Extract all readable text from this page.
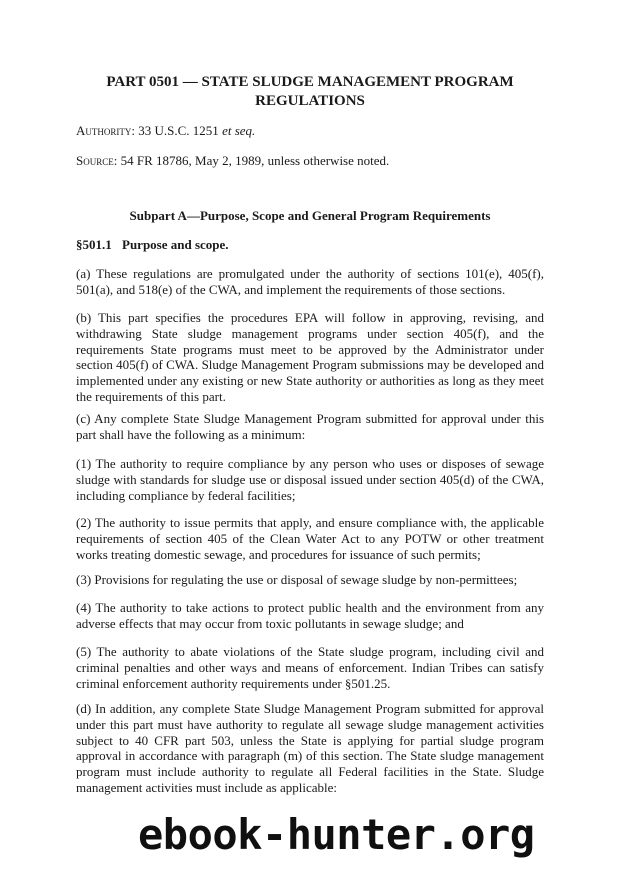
PART 0501 — STATE SLUDGE MANAGEMENT PROGRAM REGULATIONS
Authority: 33 U.S.C. 1251 et seq.
Source: 54 FR 18786, May 2, 1989, unless otherwise noted.
Subpart A—Purpose, Scope and General Program Requirements
§501.1 Purpose and scope.

(a) These regulations are promulgated under the authority of sections 101(e), 405(f), 501(a), and 518(e) of the CWA, and implement the requirements of those sections.

(b) This part specifies the procedures EPA will follow in approving, revising, and withdrawing State sludge management programs under section 405(f), and the requirements State programs must meet to be approved by the Administrator under section 405(f) of CWA. Sludge Management Program submissions may be developed and implemented under any existing or new State authority or authorities as long as they meet the requirements of this part.

(c) Any complete State Sludge Management Program submitted for approval under this part shall have the following as a minimum:

(1) The authority to require compliance by any person who uses or disposes of sewage sludge with standards for sludge use or disposal issued under section 405(d) of the CWA, including compliance by federal facilities;

(2) The authority to issue permits that apply, and ensure compliance with, the applicable requirements of section 405 of the Clean Water Act to any POTW or other treatment works treating domestic sewage, and procedures for issuance of such permits;

(3) Provisions for regulating the use or disposal of sewage sludge by non-permittees;

(4) The authority to take actions to protect public health and the environment from any adverse effects that may occur from toxic pollutants in sewage sludge; and

(5) The authority to abate violations of the State sludge program, including civil and criminal penalties and other ways and means of enforcement. Indian Tribes can satisfy criminal enforcement authority requirements under §501.25.

(d) In addition, any complete State Sludge Management Program submitted for approval under this part must have authority to regulate all sewage sludge management activities subject to 40 CFR part 503, unless the State is applying for partial sludge program approval in accordance with paragraph (m) of this section. The State sludge management program must include authority to regulate all Federal facilities in the State. Sludge management activities must include as applicable:

ebook-hunter.org
